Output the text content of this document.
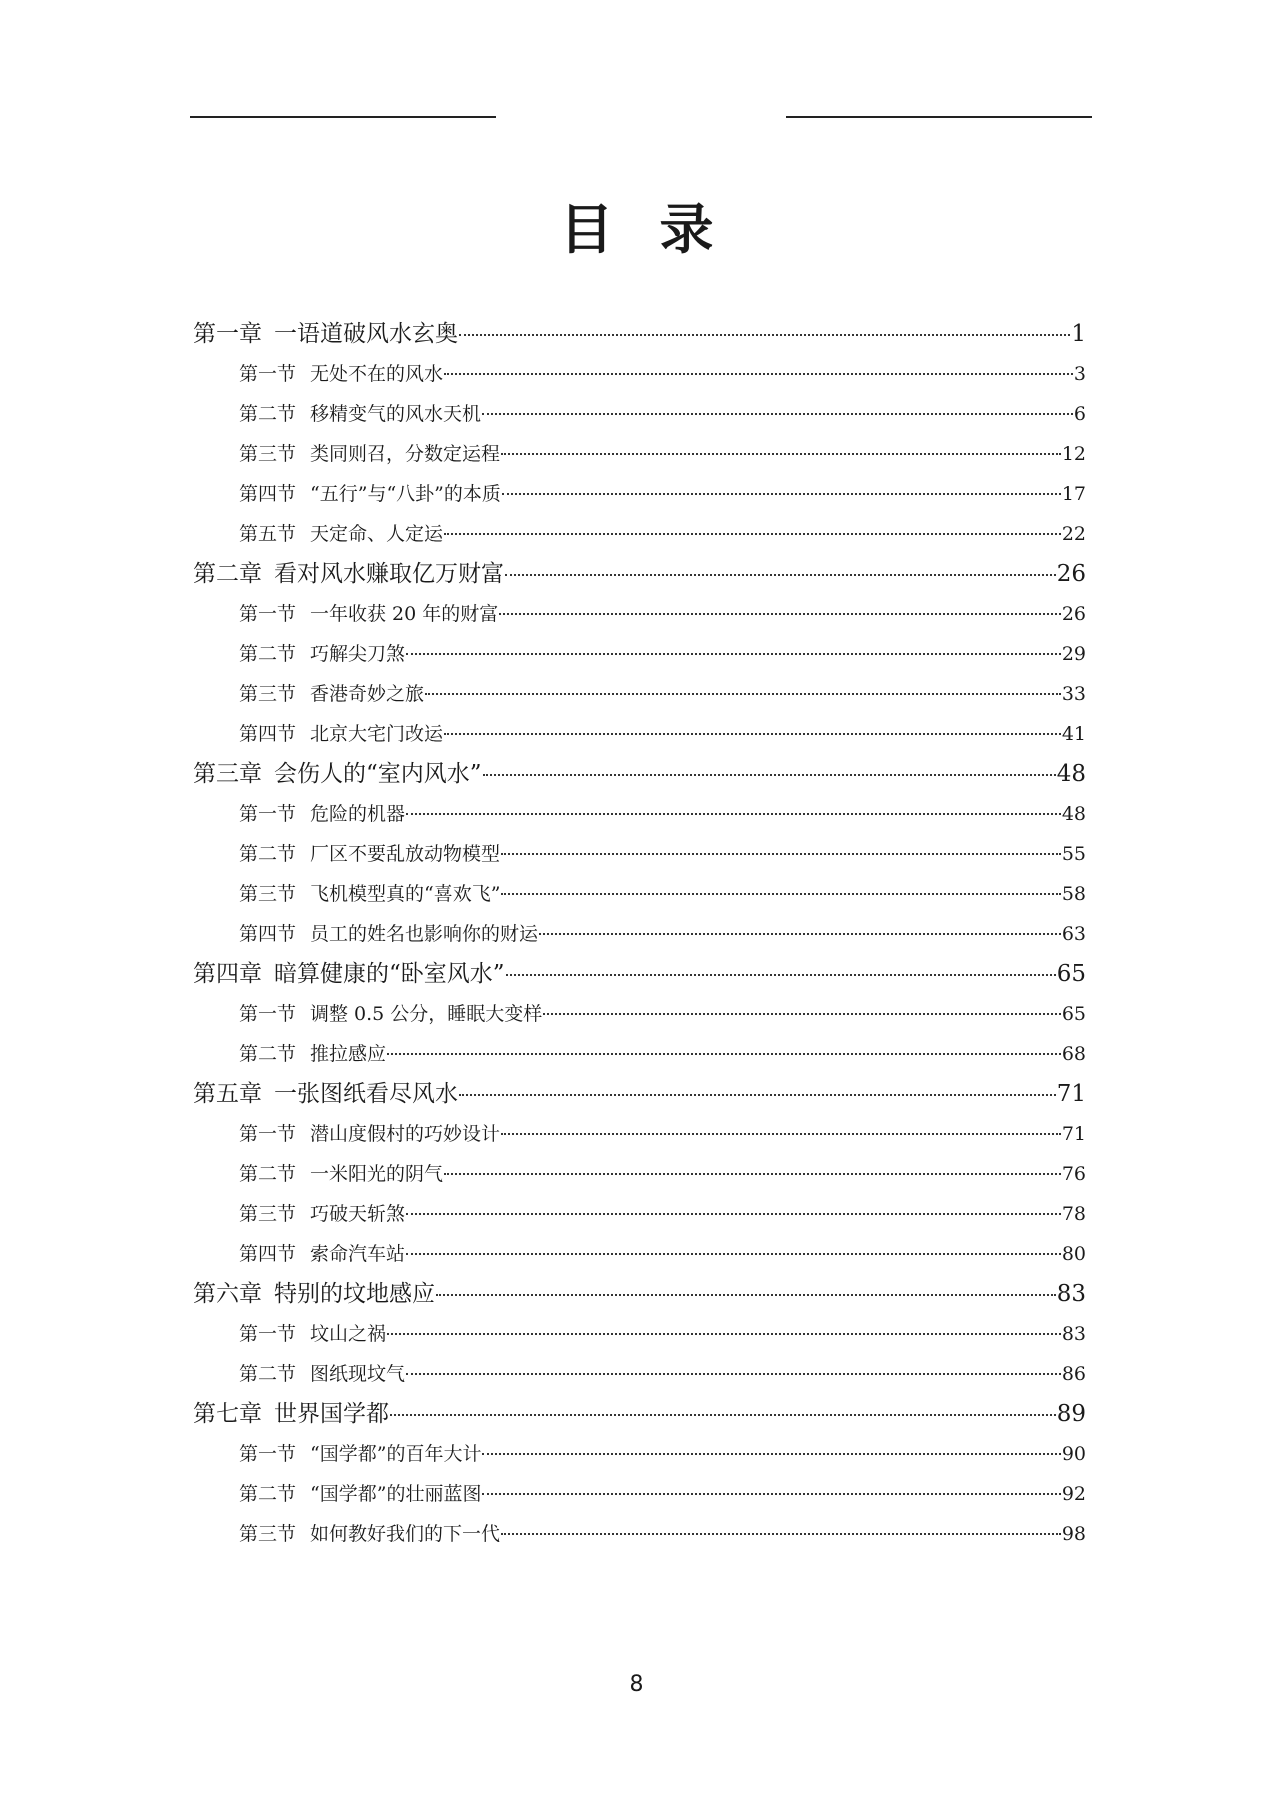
目录
第一章 一语道破风水玄奥	1
第一节 无处不在的风水	3
第二节 移精变气的风水天机	6
第三节 类同则召，分数定运程	12
第四节 “五行”与“八卦”的本质	17
第五节 天定命、人定运	22
第二章 看对风水赚取亿万财富	26
第一节 一年收获 20 年的财富	26
第二节 巧解尖刀煞	29
第三节 香港奇妙之旅	33
第四节 北京大宅门改运	41
第三章 会伤人的“室内风水”	48
第一节 危险的机器	48
第二节 厂区不要乱放动物模型	55
第三节 飞机模型真的“喜欢飞”	58
第四节 员工的姓名也影响你的财运	63
第四章 暗算健康的“卧室风水”	65
第一节 调整 0.5 公分，睡眠大变样	65
第二节 推拉感应	68
第五章 一张图纸看尽风水	71
第一节 潜山度假村的巧妙设计	71
第二节 一米阳光的阴气	76
第三节 巧破天斩煞	78
第四节 索命汽车站	80
第六章 特别的坟地感应	83
第一节 坟山之祸	83
第二节 图纸现坟气	86
第七章 世界国学都	89
第一节 “国学都”的百年大计	90
第二节 “国学都”的壮丽蓝图	92
第三节 如何教好我们的下一代	98
8
